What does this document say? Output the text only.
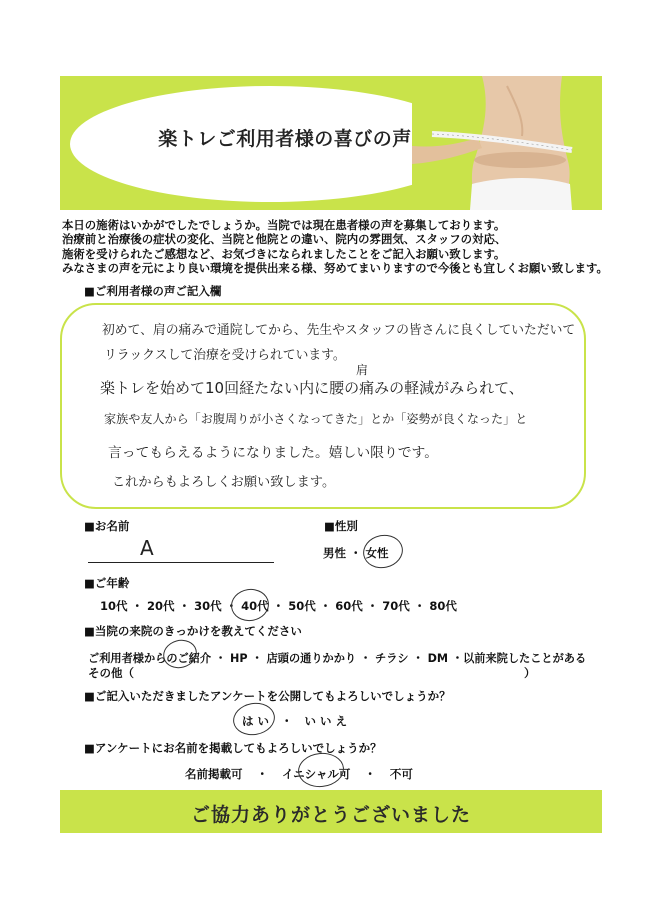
楽トレご利用者様の喜びの声
本日の施術はいかがでしたでしょうか。当院では現在患者様の声を募集しております。
治療前と治療後の症状の変化、当院と他院との違い、院内の雰囲気、スタッフの対応、
施術を受けられたご感想など、お気づきになられましたことをご記入お願い致します。
みなさまの声を元により良い環境を提供出来る様、努めてまいりますので今後とも宜しくお願い致します。
■ご利用者様の声ご記入欄
初めて、肩の痛みで通院してから、先生やスタッフの皆さんに良くしていただいて
リラックスして治療を受けられています。
肩
楽トレを始めて10回経たない内に腰の痛みの軽減がみられて、
家族や友人から「お腹周りが小さくなってきた」とか「姿勢が良くなった」と
言ってもらえるようになりました。嬉しい限りです。
これからもよろしくお願い致します。
■お名前
A
■性別
男性 ・ 女性
■ご年齢
10代 ・ 20代 ・ 30代 ・ 40代 ・ 50代 ・ 60代 ・ 70代 ・ 80代
■当院の来院のきっかけを教えてください
ご利用者様からのご紹介 ・ HP ・ 店頭の通りかかり ・ チラシ ・ DM ・以前来院したことがある
その他（	）
■ご記入いただきましたアンケートを公開してもよろしいでしょうか？
は い ・ い い え
■アンケートにお名前を掲載してもよろしいでしょうか？
名前掲載可 ・ イニシャル可 ・ 不可
ご協力ありがとうございました
